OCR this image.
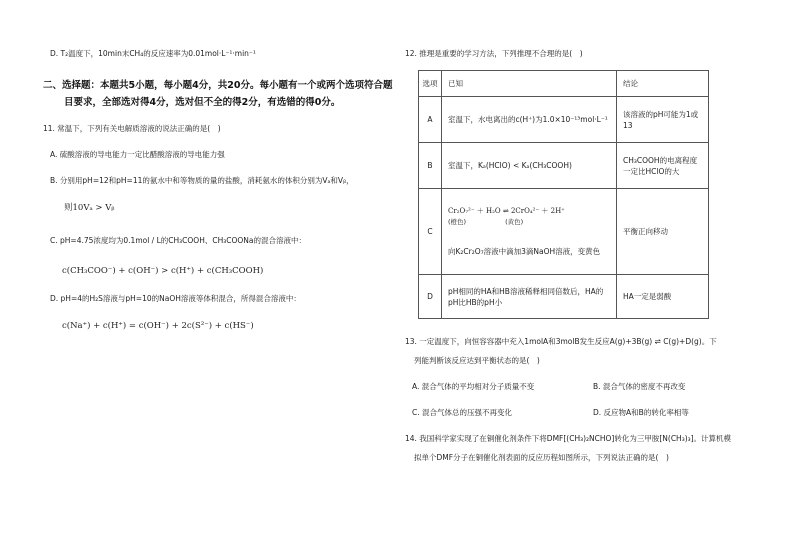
D. T₂温度下，10min末CH₄的反应速率为0.01mol·L⁻¹·min⁻¹
二、选择题：本题共5小题，每小题4分，共20分。每小题有一个或两个选项符合题
目要求，全部选对得4分，选对但不全的得2分，有选错的得0分。
11. 常温下，下列有关电解质溶液的说法正确的是(　)
A. 硫酸溶液的导电能力一定比醋酸溶液的导电能力强
B. 分别用pH=12和pH=11的氨水中和等物质的量的盐酸，消耗氨水的体积分别为Vₐ和Vᵦ，
则10Vₐ > Vᵦ
C. pH=4.75浓度均为0.1mol / L的CH₃COOH、CH₃COONa的混合溶液中：
c(CH₃COO⁻) + c(OH⁻) > c(H⁺) + c(CH₃COOH)
D. pH=4的H₂S溶液与pH=10的NaOH溶液等体积混合，所得混合溶液中：
c(Na⁺) + c(H⁺) = c(OH⁻) + 2c(S²⁻) + c(HS⁻)
12. 推理是重要的学习方法，下列推理不合理的是(　)
选项	已知	结论
A	室温下，水电离出的c(H⁺)为1.0×10⁻¹³mol·L⁻¹	该溶液的pH可能为1或13
B	室温下，Kₐ(HClO) < Kₐ(CH₃COOH)	CH₃COOH的电离程度一定比HClO的大
C	Cr₂O₇²⁻ ＋ H₂O ⇌ 2CrO₄²⁻ ＋ 2H⁺
(橙色)　　　　　　(黄色)
向K₂Cr₂O₇溶液中滴加3滴NaOH溶液，变黄色	平衡正向移动
D	pH相同的HA和HB溶液稀释相同倍数后，HA的pH比HB的pH小	HA一定是弱酸
13. 一定温度下，向恒容容器中充入1molA和3molB发生反应A(g)+3B(g) ⇌ C(g)+D(g)。下
列能判断该反应达到平衡状态的是(　)
A. 混合气体的平均相对分子质量不变	B. 混合气体的密度不再改变
C. 混合气体总的压强不再变化	D. 反应物A和B的转化率相等
14. 我国科学家实现了在铜催化剂条件下将DMF[(CH₃)₂NCHO]转化为三甲胺[N(CH₃)₃]。计算机模
拟单个DMF分子在铜催化剂表面的反应历程如图所示，下列说法正确的是(　)
